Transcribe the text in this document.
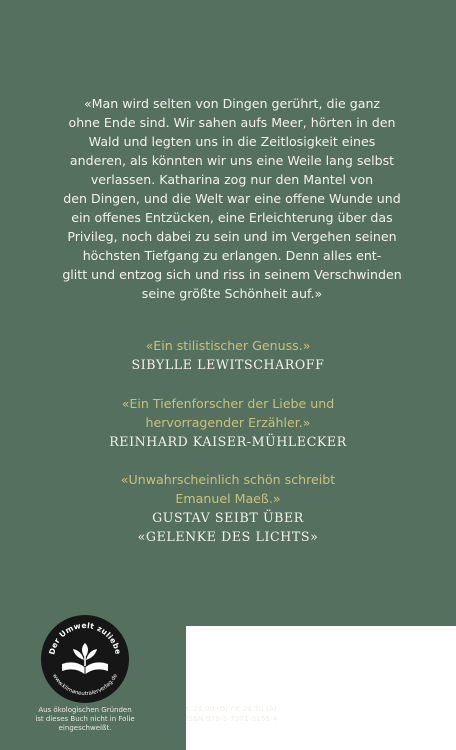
«Man wird selten von Dingen gerührt, die ganz
ohne Ende sind. Wir sahen aufs Meer, hörten in den
Wald und legten uns in die Zeitlosigkeit eines
anderen, als könnten wir uns eine Weile lang selbst
verlassen. Katharina zog nur den Mantel von
den Dingen, und die Welt war eine offene Wunde und
ein offenes Entzücken, eine Erleichterung über das
Privileg, noch dabei zu sein und im Vergehen seinen
höchsten Tiefgang zu erlangen. Denn alles ent-
glitt und entzog sich und riss in seinem Verschwinden
seine größte Schönheit auf.»
«Ein stilistischer Genuss.»
SIBYLLE LEWITSCHAROFF
«Ein Tiefenforscher der Liebe und
hervorragender Erzähler.»
REINHARD KAISER-MÜHLECKER
«Unwahrscheinlich schön schreibt
Emanuel Maeß.»
GUSTAV SEIBT ÜBER
«GELENKE DES LICHTS»
Der Umwelt zuliebe
www.klimaneutralerverlag.de
Aus ökologischen Gründen
ist dieses Buch nicht in Folie
eingeschweißt.
€ 24.00 (D) / € 24.70 (A)
ISBN 978-3-7371-0155-4
